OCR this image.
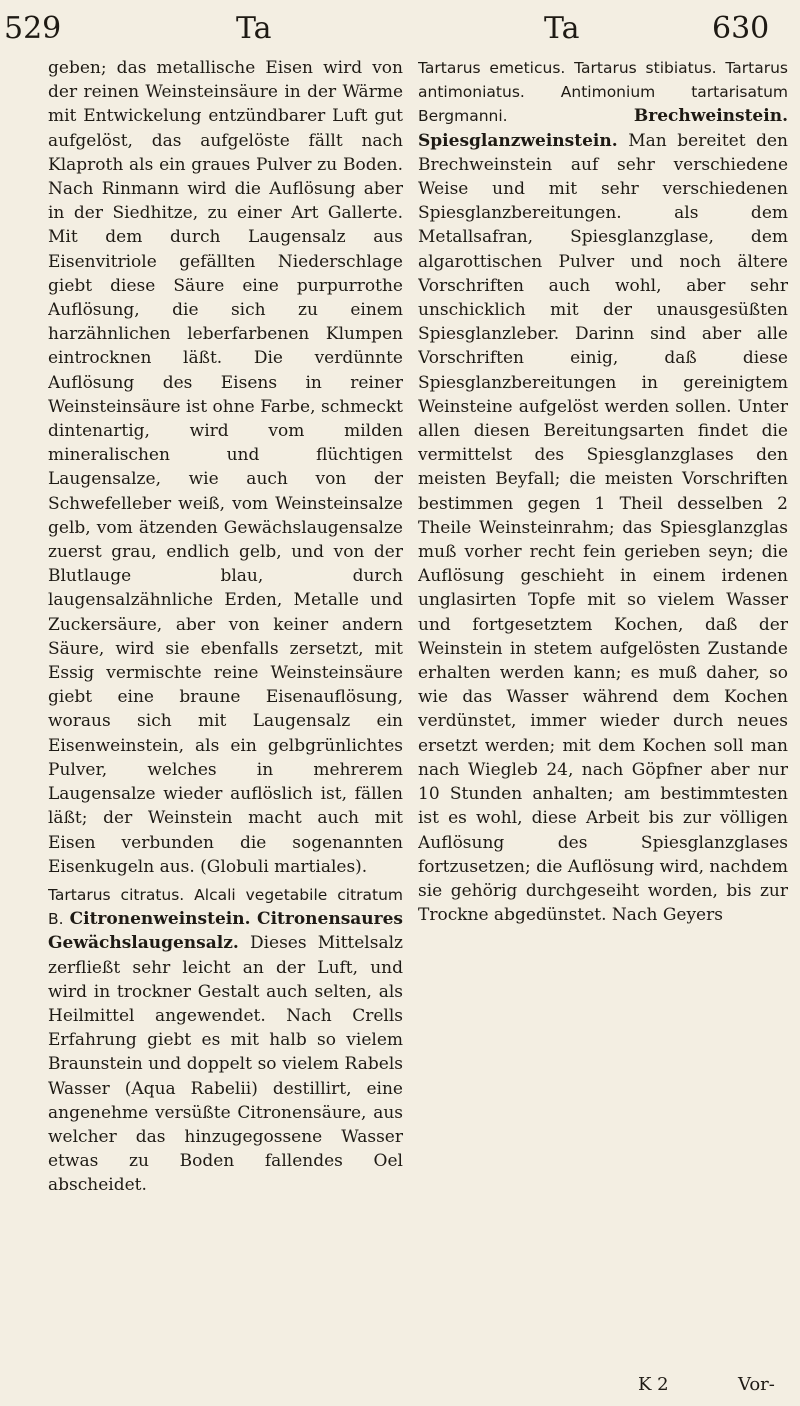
529	Ta	Ta	630

geben; das metallische Eisen wird von der reinen Weinsteinsäure in der Wärme mit Entwickelung entzündbarer Luft gut aufgelöst, das aufgelöste fällt nach Klaproth als ein graues Pulver zu Boden. Nach Rinmann wird die Auflösung aber in der Siedhitze, zu einer Art Gallerte. Mit dem durch Laugensalz aus Eisenvitriole gefällten Niederschlage giebt diese Säure eine purpurrothe Auflösung, die sich zu einem harzähnlichen leberfarbenen Klumpen eintrocknen läßt. Die verdünnte Auflösung des Eisens in reiner Weinsteinsäure ist ohne Farbe, schmeckt dintenartig, wird vom milden mineralischen und flüchtigen Laugensalze, wie auch von der Schwefelleber weiß, vom Weinsteinsalze gelb, vom ätzenden Gewächslaugensalze zuerst grau, endlich gelb, und von der Blutlauge blau, durch laugensalzähnliche Erden, Metalle und Zuckersäure, aber von keiner andern Säure, wird sie ebenfalls zersetzt, mit Essig vermischte reine Weinsteinsäure giebt eine braune Eisenauflösung, woraus sich mit Laugensalz ein Eisenweinstein, als ein gelbgrünlichtes Pulver, welches in mehrerem Laugensalze wieder auflöslich ist, fällen läßt; der Weinstein macht auch mit Eisen verbunden die sogenannten Eisenkugeln aus. (Globuli martiales).

Tartarus citratus. Alcali vegetabile citratum B. Citronenweinstein. Citronensaures Gewächslaugensalz. Dieses Mittelsalz zerfließt sehr leicht an der Luft, und wird in trockner Gestalt auch selten, als Heilmittel angewendet. Nach Crells Erfahrung giebt es mit halb so vielem Braunstein und doppelt so vielem Rabels Wasser (Aqua Rabelii) destillirt, eine angenehme versüßte Citronensäure, aus welcher das hinzugegossene Wasser etwas zu Boden fallendes Oel abscheidet.

Tartarus emeticus. Tartarus stibiatus. Tartarus antimoniatus. Antimonium tartarisatum Bergmanni.	Brechweinstein. Spiesglanzweinstein. Man bereitet den Brechweinstein auf sehr verschiedene Weise und mit sehr verschiedenen Spiesglanzbereitungen. als dem Metallsafran, Spiesglanzglase, dem algarottischen Pulver und noch ältere Vorschriften auch wohl, aber sehr unschicklich mit der unausgesüßten Spiesglanzleber. Darinn sind aber alle Vorschriften einig, daß diese Spiesglanzbereitungen in gereinigtem Weinsteine aufgelöst werden sollen. Unter allen diesen Bereitungsarten findet die vermittelst des Spiesglanzglases den meisten Beyfall; die meisten Vorschriften bestimmen gegen 1 Theil desselben 2 Theile Weinsteinrahm; das Spiesglanzglas muß vorher recht fein gerieben seyn; die Auflösung geschieht in einem irdenen unglasirten Topfe mit so vielem Wasser und fortgesetztem Kochen, daß der Weinstein in stetem aufgelösten Zustande erhalten werden kann; es muß daher, so wie das Wasser während dem Kochen verdünstet, immer wieder durch neues ersetzt werden; mit dem Kochen soll man nach Wiegleb 24, nach Göpfner aber nur 10 Stunden anhalten; am bestimmtesten ist es wohl, diese Arbeit bis zur völligen Auflösung des Spiesglanzglases fortzusetzen; die Auflösung wird, nachdem sie gehörig durchgeseiht worden, bis zur Trockne abgedünstet. Nach Geyers

K 2	Vor-
